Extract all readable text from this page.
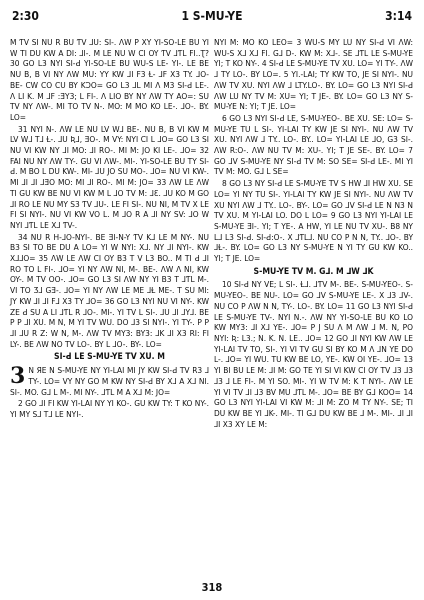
2:30	1 S-MU-YE	3:14

M ƬV SI NU R BU ƬV ⅃U: SI-. ΛW P XY YI-SO-LE BU YI W TI DU KW A DI: ⅃I-. M LE NU W CI OY ƬV ⅃ƬL FI..Ʈ? 30 GO L3 NYI SI-Ԁ YI-SO-LE BU WU-S LE- YI-. LE BE NU B, B VI NY ΛW MU: YY KW ⅃I F3 Ɫ- ⅃F X3 TY. ⅃O- BE- CW CO CU BY KƆO= GO L3 ⅃L MI Λ M3 SI-Ԁ LE-. Λ LI K. M ⅃F :ƎY3; L FI-. Λ LIO BY NY ΛW TY AO=: SU TV NY ΛW-. MI TO TV N-. MO: M MO KO LE-. ⅃O-. BY. LO=

31 NYI N-. ΛW LE NU LV W⅃ BE-. NU B, B VI KW M LV W⅃ T⅃ Ɫ-. ⅃U Ʀ⅃, ƎO-. M VY: NYI CI L ⅃O= GO L3 SI NU VI KW NY ⅃I MO: ⅃I RO-. MI M: JO KI LE-. ⅃O= 32 FAI NU NY ΛW TY-. GU VI ΛW-. MI-. YI-SO-LE BU TY SI-Ԁ. M BO L DU KW-. MI- ⅃U JO SU MO-. ⅃O= NU VI KW-. MI ⅃I ⅃I ⅃ƎO MO: MI ⅃I RO-. MI M: JO= 33 ΛW LE ΛW TI GU KW BE NU VI KW M L ⅃O TV M: ⅃Ɛ. ⅃U KO M GO ⅃I RO LE NU MY S3 ƬV ⅃U-. LE FI SI-. NU NI, M TV X LE FI SI NYI-. NU VI KW VO L. M ⅃O R A ⅃I NY SV: ⅃O W NYI ⅃ƬL LE X⅃ ƬV-.

34 NU R H-⅃O-NYI-. BE ƎI-N-Y ƬV K⅃ LE M NY-. NU B3 SI TO BE DU A LO= YI W NYI: X⅃. NY ⅃I NYI-. KW X⅃⅃O= 35 ΛW LE ΛW CI OY B3 T V L3 BO.. M TI Ԁ ⅃I RO TO L FI-. ⅃O= YI NY ΛW NI, M-. BE-. ΛW Λ NI, KW OY-. M TV OO-. ⅃O= GO L3 SI ΛW NY YI B3 T ⅃ƬL M-. VI TO Ʒ⅃ GƎ-. ⅃O= YI NY ΛW LE ME ⅃Ɫ ME-. T SU MI: JY KW ⅃I ⅃I F⅃ X3 TY ⅃O= 36 GO L3 NYI NU VI NY-. KW ZE Ԁ SU A LI ⅃ƬL R ⅃O-. MI-. YI TV L SI-. ⅃U ⅃I ⅃Y⅃. BE P P ⅃I XU. M N, M YI TV WU. DO ⅃3 SI NYI-. YI TY-. P P ⅃I ⅃U R Z: W N, M-. ΛW TV MY3: BY3: ⅃K ⅃I X3 RI: FI LY-. BE ΛW NO TV LO-. BY L ⅃O-. BY-. LO=

SI-Ԁ LE S-MU-YE TV XU. M

3 N ЯE N S-MU-YE NY YI-LAI MI JY KW SI-Ԁ TV R3 ⅃ TY-. LO= VY NY GO M KW NY SI-Ԁ BY X⅃ A X⅃ NI. SI-. MO. G⅃ L M-. MI NY-. ⅃ƬL M A X⅃ M: JO=

2 GO ⅃I FI KW YI-LAI NY YI KO-. GU KW TY: T KO NY-. YI MY S⅃ T⅃ LE NYI-.

NYI M: MO KO LEO= 3 WU-S MY LU NY SI-Ԁ VI ΛW: WU-S X⅃ X⅃ FI. G⅃ D-. KW M: X⅃-. SE ⅃ƬL LE S-MU-YE YI; T KO NY-. 4 SI-Ԁ LE S-MU-YE TV XU. LO= YI TY-. ΛW ⅃ TY LO-. BY LO=. 5 YI.-LAI; TY KW TO, JE SI NYI-. NU ΛW TV XU. NYI ΛW ⅃ LTY.LO-. BY. LO= GO L3 NYI SI-Ԁ ΛW LU NY TV M: XU= YI; T JE-. BY. LO= GO L3 NY S-MU-YE N: YI; T JE. LO=

6 GO L3 NYI SI-Ԁ LE, S-MU-YEO-. BE XU. SE: LO= S-MU-YE TU L SI-. YI-LAI TY KW JE SI NYI-. NU ΛW TV XU. NYI ΛW ⅃ TY.. LO-. BY.. LO= YI-LAI LE ⅃O, G3 SI-. ΛW R:O-. ΛW NU TV M: XU-. YI; T JE SE-. BY. LO= 7 GO ⅃V S-MU-YE NY SI-Ԁ TV M: SO SE= SI-Ԁ LE-. MI YI TV M: MO. G⅃ L SE=

8 GO L3 NY SI-Ԁ LE S-MU-YE TV S HW ⅃I HW XU. SE LO= YI NY TU SI-. YI-LAI TY KW JE SI NYI-. NU ΛW TV XU NYI ΛW ⅃ TY.. LO-. BY-. LO= GO ⅃V SI-Ԁ LE N N3 N TV XU. M YI-LAI LO. DO L LO= 9 GO L3 NYI YI-LAI LE S-MU-YE ƎI-. YI; T YE-. A HW, YI LE NU TV XU-. B8 NY L⅃ L3 SI-Ԁ. SI-Ԁ:O-. X ⅃ƬL⅃. NU CO P N N, TY.. ⅃O-. BY ⅃Ɫ-. BY. LO= GO L3 NY S-MU-YE N YI TY GU KW KO.. YI; T JE. LO=

S-MU-YE TV M. G⅃. M ⅃W ⅃K

10 SI-Ԁ NY VE; L SI-. Ɫ⅃. ⅃ƬV M-. BE-. S-MU-YEO-. S-MU-YEO-. BE NU-. LO= GO ⅃V S-MU-YE LE-. X ⅃3 ⅃V-. NU CO P ΛW N N, TY-. LO-. BY. LO= 11 GO L3 NYI SI-Ԁ LE S-MU-YE TV-. NYI N.-. ΛW NY YI-SO-LE BU KO LO KW MY3: ⅃I X⅃ YE-. ⅃O= P J SU Λ M ΛW ⅃ M. N, PO NYI: Ʀ: L3.; N. K. N. LE.. ⅃O= 12 GO ⅃I NYI KW ΛW LE YI-LAI TV TO, SI-. YI VI TV GU SI BY KO M Λ ⅃N YE DO L-. ⅃O= YI WU. TU KW BE LO, YE-. KW OI YE-. ⅃O= 13 YI BI BU LE M: ⅃I M: GO TE YI SI VI KW CI OY TV ⅃3 ⅃3 ⅃3 ⅃ LE FI-. M YI SO. MI-. YI W TV M: K T NYI-. ΛW LE YI VI TV ⅃I ⅃3 BV MU ⅃ƬL M-. ⅃O= BE BY G⅃ KOO= 14 GO L3 NYI YI-LAI VI KW M: ⅃I M: ZO M TY NY-. SE; TI DU KW BE YI ⅃K-. MI-. TI G⅃ DU KW BE ⅃ M-. MI-. ⅃I ⅃I ⅃I X3 XY LE M:

318
